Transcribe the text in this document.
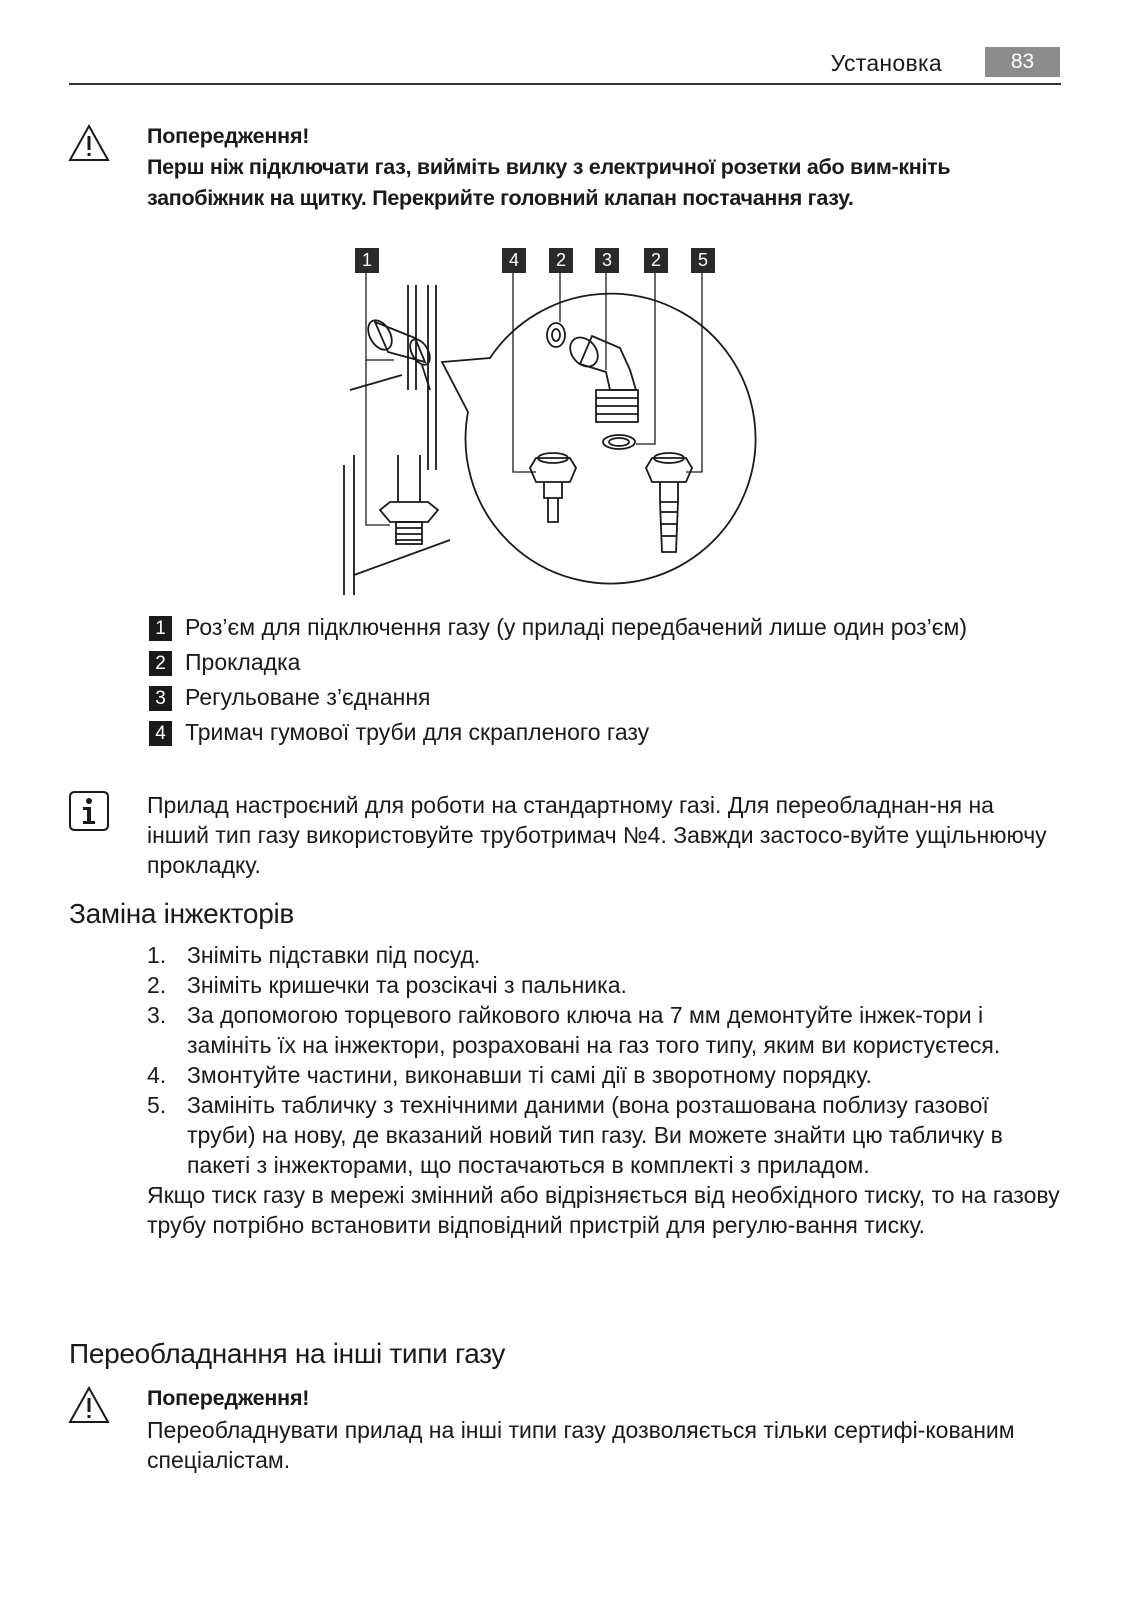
Установка	83
Попередження!
Перш ніж підключати газ, вийміть вилку з електричної розетки або вим-кніть запобіжник на щитку. Перекрийте головний клапан постачання газу.
1	4	2	3	2	5
1 Роз’єм для підключення газу (у приладі передбачений лише один роз’єм)
2 Прокладка
3 Регульоване з’єднання
4 Тримач гумової труби для скрапленого газу
Прилад настроєний для роботи на стандартному газі. Для переобладнан-ня на інший тип газу використовуйте труботримач №4. Завжди застосо-вуйте ущільнюючу прокладку.
Заміна інжекторів
1. Зніміть підставки під посуд.
2. Зніміть кришечки та розсікачі з пальника.
3. За допомогою торцевого гайкового ключа на 7 мм демонтуйте інжек-тори і замініть їх на інжектори, розраховані на газ того типу, яким ви користуєтеся.
4. Змонтуйте частини, виконавши ті самі дії в зворотному порядку.
5. Замініть табличку з технічними даними (вона розташована поблизу газової труби) на нову, де вказаний новий тип газу. Ви можете знайти цю табличку в пакеті з інжекторами, що постачаються в комплекті з приладом.
Якщо тиск газу в мережі змінний або відрізняється від необхідного тиску, то на газову трубу потрібно встановити відповідний пристрій для регулю-вання тиску.
Переобладнання на інші типи газу
Попередження!
Переобладнувати прилад на інші типи газу дозволяється тільки сертифі-кованим спеціалістам.
